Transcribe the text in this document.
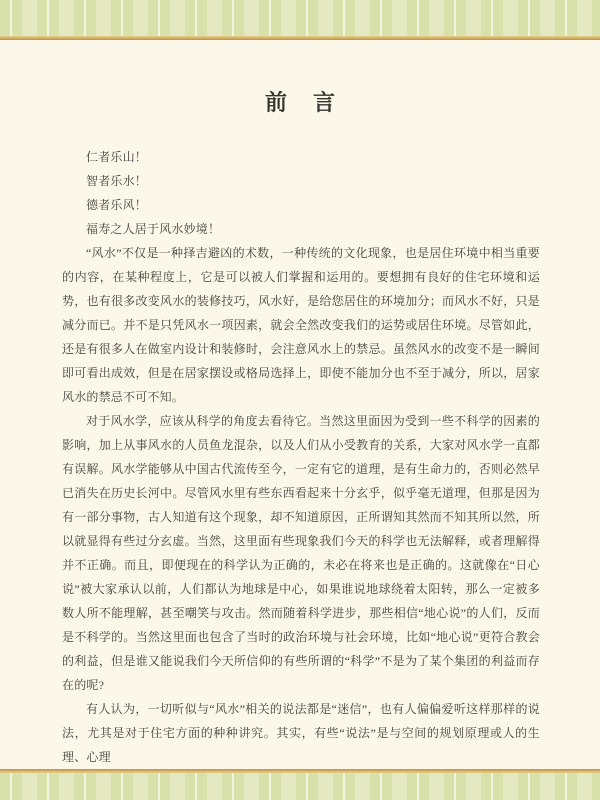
前　言

仁者乐山！

智者乐水！

德者乐风！

福寿之人居于风水妙境！

“风水”不仅是一种择吉避凶的术数，一种传统的文化现象，也是居住环境中相当重要的内容，在某种程度上，它是可以被人们掌握和运用的。要想拥有良好的住宅环境和运势，也有很多改变风水的装修技巧，风水好，是给您居住的环境加分；而风水不好，只是减分而已。并不是只凭风水一项因素，就会全然改变我们的运势或居住环境。尽管如此，还是有很多人在做室内设计和装修时，会注意风水上的禁忌。虽然风水的改变不是一瞬间即可看出成效，但是在居家摆设或格局选择上，即使不能加分也不至于减分，所以，居家风水的禁忌不可不知。

对于风水学，应该从科学的角度去看待它。当然这里面因为受到一些不科学的因素的影响，加上从事风水的人员鱼龙混杂，以及人们从小受教育的关系，大家对风水学一直都有误解。风水学能够从中国古代流传至今，一定有它的道理，是有生命力的，否则必然早已消失在历史长河中。尽管风水里有些东西看起来十分玄乎，似乎毫无道理，但那是因为有一部分事物，古人知道有这个现象，却不知道原因，正所谓知其然而不知其所以然，所以就显得有些过分玄虚。当然，这里面有些现象我们今天的科学也无法解释，或者理解得并不正确。而且，即便现在的科学认为正确的，未必在将来也是正确的。这就像在“日心说”被大家承认以前，人们都认为地球是中心，如果谁说地球绕着太阳转，那么一定被多数人所不能理解，甚至嘲笑与攻击。然而随着科学进步，那些相信“地心说”的人们，反而是不科学的。当然这里面也包含了当时的政治环境与社会环境，比如“地心说”更符合教会的利益，但是谁又能说我们今天所信仰的有些所谓的“科学”不是为了某个集团的利益而存在的呢?

有人认为，一切听似与“风水”相关的说法都是“迷信”，也有人偏偏爱听这样那样的说法，尤其是对于住宅方面的种种讲究。其实，有些“说法”是与空间的规划原理或人的生理、心理
